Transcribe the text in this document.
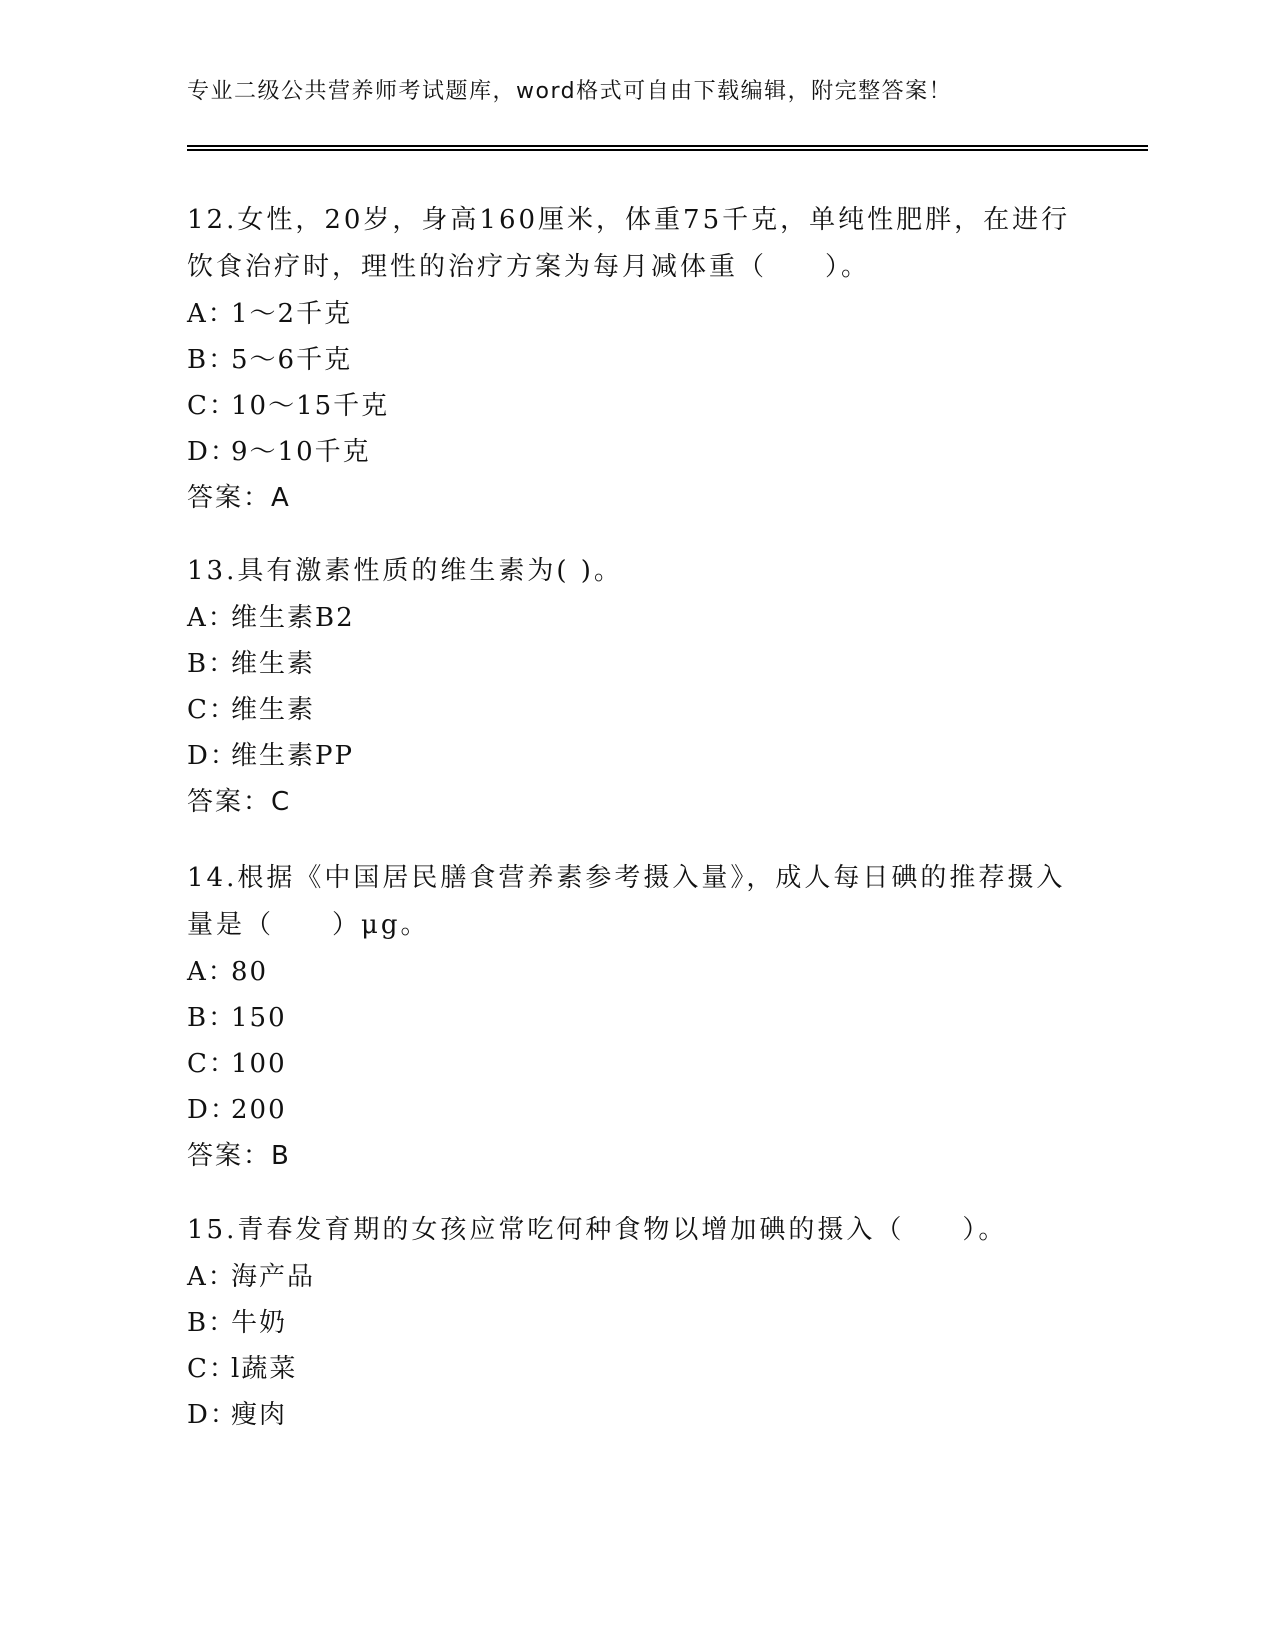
专业二级公共营养师考试题库，word格式可自由下载编辑，附完整答案！

12.女性，20岁，身高160厘米，体重75千克，单纯性肥胖，在进行饮食治疗时，理性的治疗方案为每月减体重（　　）。

A：1～2千克

B：5～6千克

C：10～15千克

D：9～10千克

答案：A

13.具有激素性质的维生素为( )。

A：维生素B2

B：维生素

C：维生素

D：维生素PP

答案：C

14.根据《中国居民膳食营养素参考摄入量》，成人每日碘的推荐摄入量是（　　）μg。

A：80

B：150

C：100

D：200

答案：B

15.青春发育期的女孩应常吃何种食物以增加碘的摄入（　　）。

A：海产品

B：牛奶

C：l蔬菜

D：瘦肉
